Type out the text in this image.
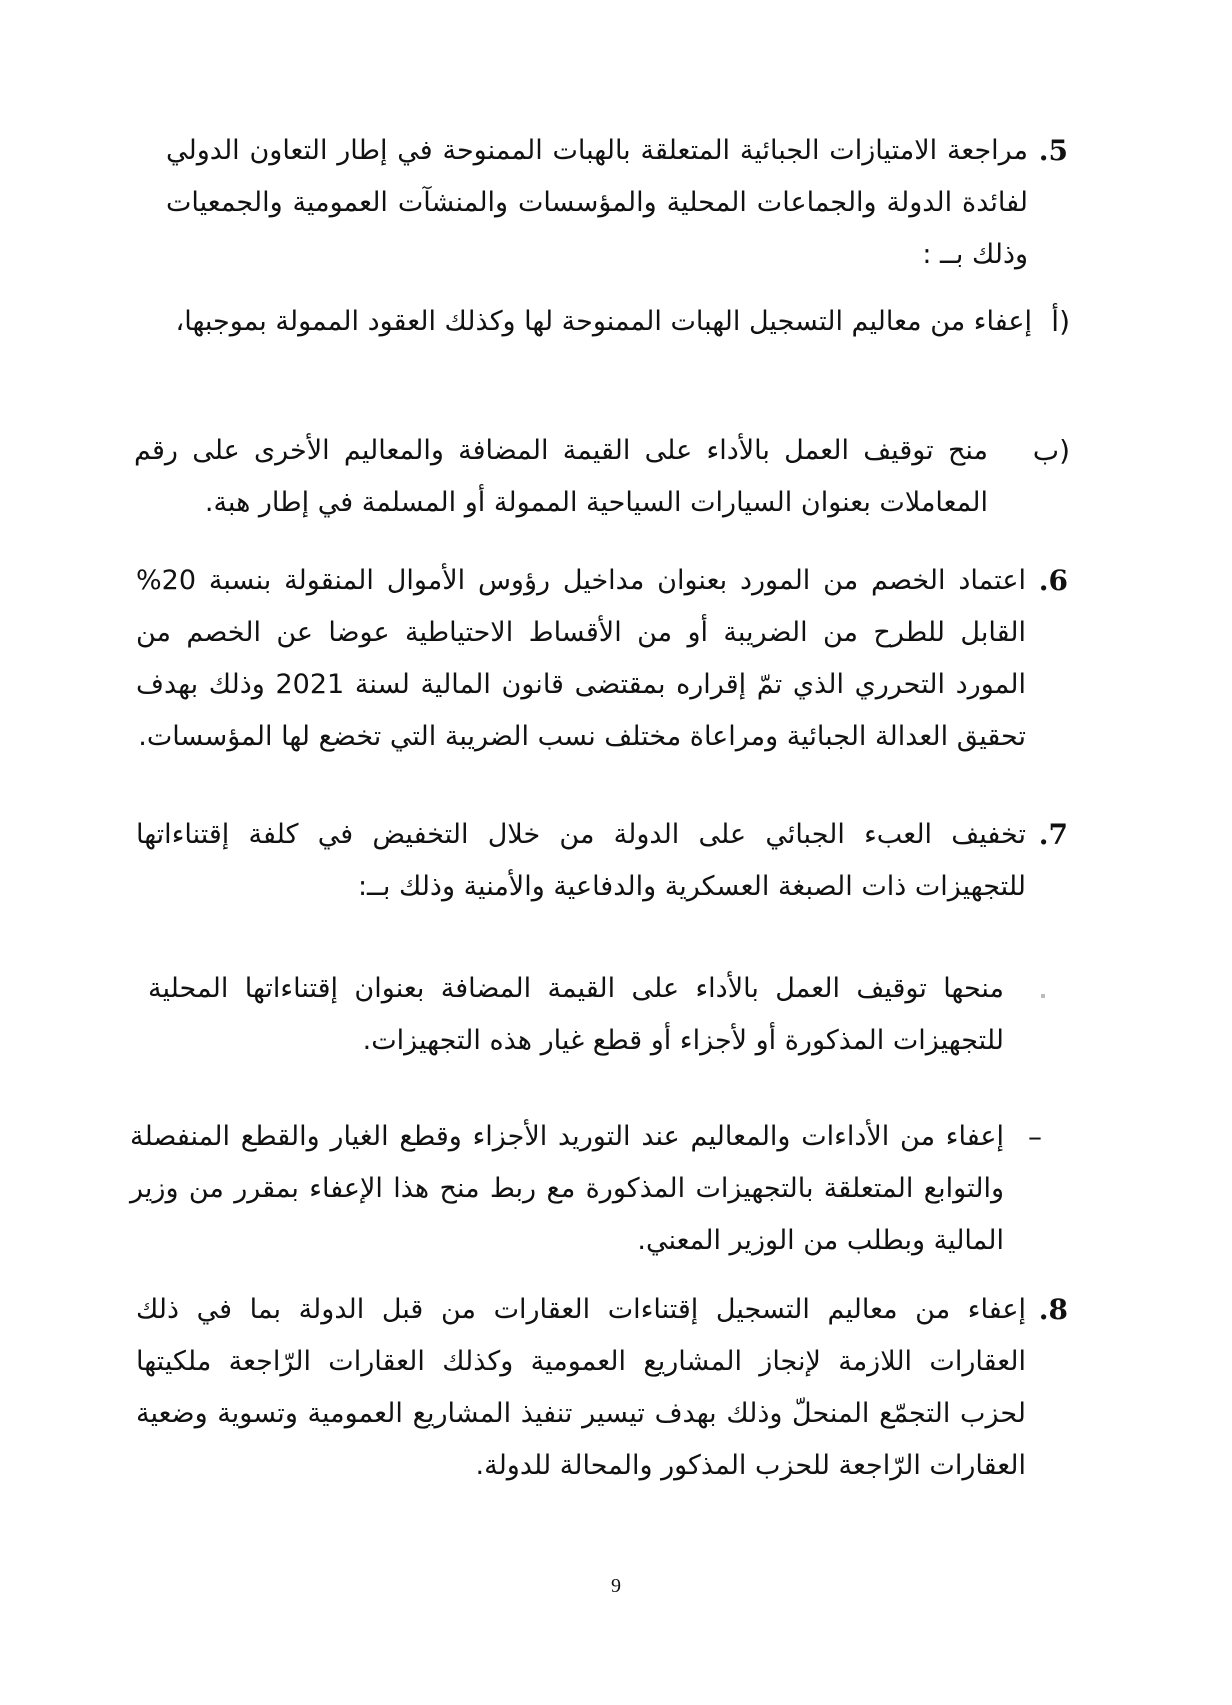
.5

مراجعة الامتيازات الجبائية المتعلقة بالهبات الممنوحة في إطار التعاون الدولي لفائدة الدولة والجماعات المحلية والمؤسسات والمنشآت العمومية والجمعيات وذلك بــ :

أ)

إعفاء من معاليم التسجيل الهبات الممنوحة لها وكذلك العقود الممولة بموجبها،

ب)

منح توقيف العمل بالأداء على القيمة المضافة والمعاليم الأخرى على رقم المعاملات بعنوان السيارات السياحية الممولة أو المسلمة في إطار هبة.

.6

اعتماد الخصم من المورد بعنوان مداخيل رؤوس الأموال المنقولة بنسبة 20% القابل للطرح من الضريبة أو من الأقساط الاحتياطية عوضا عن الخصم من المورد التحرري الذي تمّ إقراره بمقتضى قانون المالية لسنة 2021 وذلك بهدف تحقيق العدالة الجبائية ومراعاة مختلف نسب الضريبة التي تخضع لها المؤسسات.

.7

تخفيف العبء الجبائي على الدولة من خلال التخفيض في كلفة إقتناءاتها للتجهيزات ذات الصبغة العسكرية والدفاعية والأمنية وذلك بــ:

منحها توقيف العمل بالأداء على القيمة المضافة بعنوان إقتناءاتها المحلية للتجهيزات المذكورة أو لأجزاء أو قطع غيار هذه التجهيزات.

–

إعفاء من الأداءات والمعاليم عند التوريد الأجزاء وقطع الغيار والقطع المنفصلة والتوابع المتعلقة بالتجهيزات المذكورة مع ربط منح هذا الإعفاء بمقرر من وزير المالية وبطلب من الوزير المعني.

.8

إعفاء من معاليم التسجيل إقتناءات العقارات من قبل الدولة بما في ذلك العقارات اللازمة لإنجاز المشاريع العمومية وكذلك العقارات الرّاجعة ملكيتها لحزب التجمّع المنحلّ وذلك بهدف تيسير تنفيذ المشاريع العمومية وتسوية وضعية العقارات الرّاجعة للحزب المذكور والمحالة للدولة.

9
